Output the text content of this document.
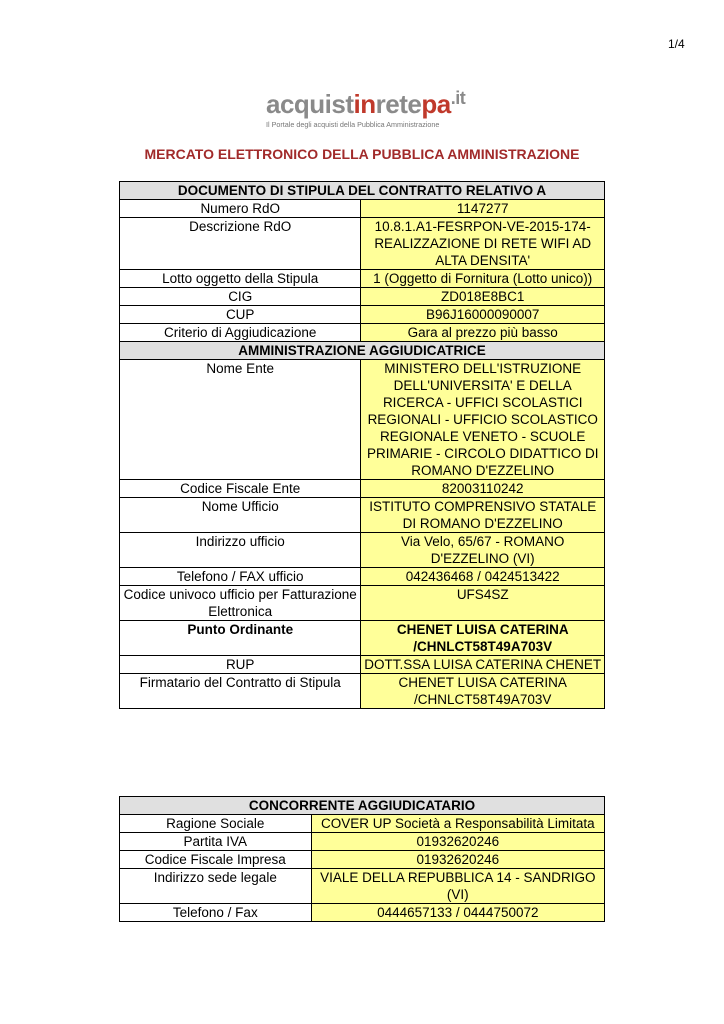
1/4
acquistinretepa$^{.it}$
Il Portale degli acquisti della Pubblica Amministrazione
MERCATO ELETTRONICO DELLA PUBBLICA AMMINISTRAZIONE
DOCUMENTO DI STIPULA DEL CONTRATTO RELATIVO A	
Numero RdO	1147277
Descrizione RdO	10.8.1.A1-FESRPON-VE-2015-174-REALIZZAZIONE DI RETE WIFI AD ALTA DENSITA'
Lotto oggetto della Stipula	1 (Oggetto di Fornitura (Lotto unico))
CIG	ZD018E8BC1
CUP	B96J16000090007
Criterio di Aggiudicazione	Gara al prezzo più basso
AMMINISTRAZIONE AGGIUDICATRICE	
Nome Ente	MINISTERO DELL'ISTRUZIONE DELL'UNIVERSITA' E DELLA RICERCA - UFFICI SCOLASTICI REGIONALI - UFFICIO SCOLASTICO REGIONALE VENETO - SCUOLE PRIMARIE - CIRCOLO DIDATTICO DI ROMANO D'EZZELINO
Codice Fiscale Ente	82003110242
Nome Ufficio	ISTITUTO COMPRENSIVO STATALE DI ROMANO D'EZZELINO
Indirizzo ufficio	Via Velo, 65/67 - ROMANO D'EZZELINO (VI)
Telefono / FAX ufficio	042436468 / 0424513422
Codice univoco ufficio per Fatturazione Elettronica	UFS4SZ
Punto Ordinante	CHENET LUISA CATERINA /CHNLCT58T49A703V
RUP	DOTT.SSA LUISA CATERINA CHENET
Firmatario del Contratto di Stipula	CHENET LUISA CATERINA /CHNLCT58T49A703V
CONCORRENTE AGGIUDICATARIO	
Ragione Sociale	COVER UP Società a Responsabilità Limitata
Partita IVA	01932620246
Codice Fiscale Impresa	01932620246
Indirizzo sede legale	VIALE DELLA REPUBBLICA 14 - SANDRIGO (VI)
Telefono / Fax	0444657133 / 0444750072
